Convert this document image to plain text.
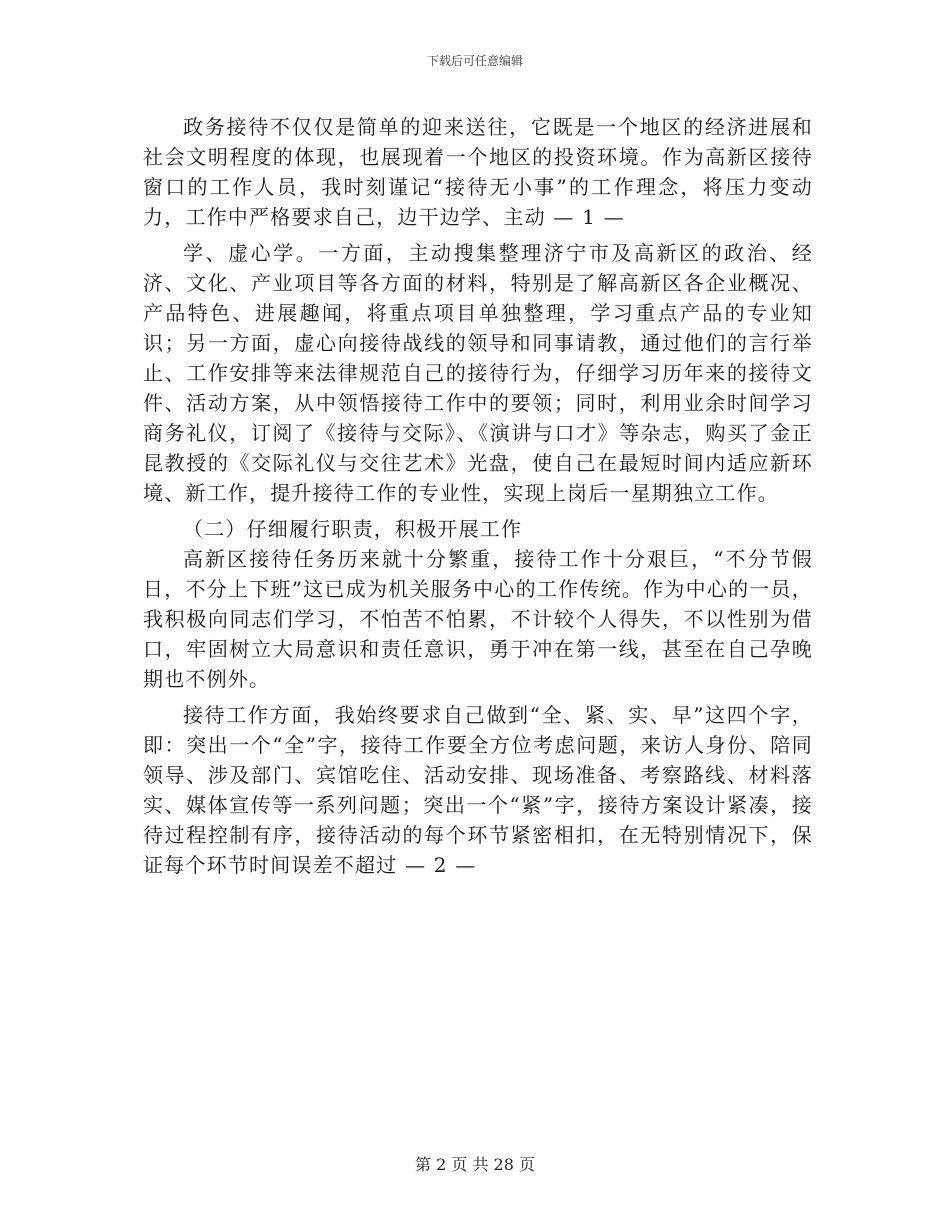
下载后可任意编辑

政务接待不仅仅是简单的迎来送往，它既是一个地区的经济进展和社会文明程度的体现，也展现着一个地区的投资环境。作为高新区接待窗口的工作人员，我时刻谨记“接待无小事”的工作理念，将压力变动力，工作中严格要求自己，边干边学、主动 — 1 —

学、虚心学。一方面，主动搜集整理济宁市及高新区的政治、经济、文化、产业项目等各方面的材料，特别是了解高新区各企业概况、产品特色、进展趣闻，将重点项目单独整理，学习重点产品的专业知识；另一方面，虚心向接待战线的领导和同事请教，通过他们的言行举止、工作安排等来法律规范自己的接待行为，仔细学习历年来的接待文件、活动方案，从中领悟接待工作中的要领；同时，利用业余时间学习商务礼仪，订阅了《接待与交际》、《演讲与口才》等杂志，购买了金正昆教授的《交际礼仪与交往艺术》光盘，使自己在最短时间内适应新环境、新工作，提升接待工作的专业性，实现上岗后一星期独立工作。

（二）仔细履行职责，积极开展工作

高新区接待任务历来就十分繁重，接待工作十分艰巨，“不分节假日，不分上下班”这已成为机关服务中心的工作传统。作为中心的一员，我积极向同志们学习，不怕苦不怕累，不计较个人得失，不以性别为借口，牢固树立大局意识和责任意识，勇于冲在第一线，甚至在自己孕晚期也不例外。

接待工作方面，我始终要求自己做到“全、紧、实、早”这四个字，即：突出一个“全”字，接待工作要全方位考虑问题，来访人身份、陪同领导、涉及部门、宾馆吃住、活动安排、现场准备、考察路线、材料落实、媒体宣传等一系列问题；突出一个“紧”字，接待方案设计紧凑，接待过程控制有序，接待活动的每个环节紧密相扣，在无特别情况下，保证每个环节时间误差不超过 — 2 —

第 2 页 共 28 页
